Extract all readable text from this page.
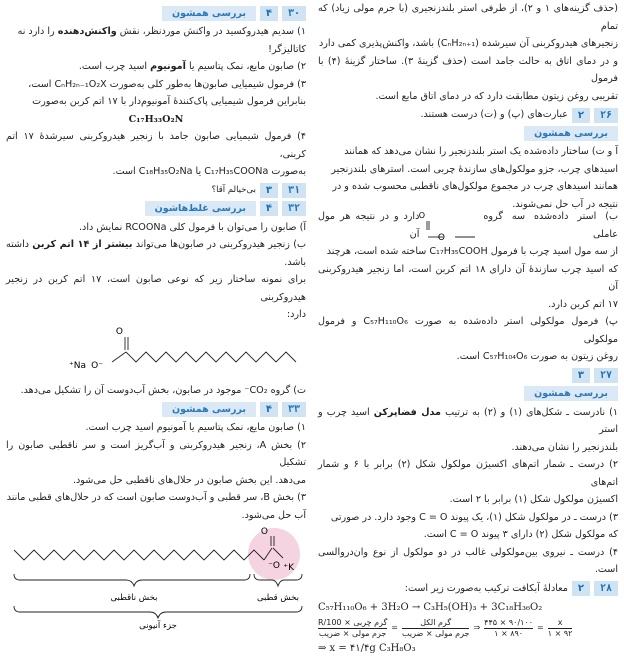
(حذف گزینه‌های ۱ و ۲)، از طرفی استر بلندزنجیری (با جرم مولی زیاد) که تمام

زنجیرهای هیدروکربنی آن سیرشده (CₙH₂ₙ₊₁) باشد، واکنش‌پذیری کمی دارد

و در دمای اتاق به حالت جامد است (حذف گزینهٔ ۳). ساختار گزینهٔ (۴) با فرمول

تقریبی روغن زیتون مطابقت دارد که در دمای اتاق مایع است.

۲۶
۲
عبارت‌های (پ) و (ت) درست هستند.
بررسی همشون

آ و ت) ساختار داده‌شده یک استر بلندزنجیر را نشان می‌دهد که همانند

اسیدهای چرب، جزو مولکول‌های سازندهٔ چربی است. استرهای بلندزنجیر

همانند اسیدهای چرب در مجموع مولکول‌های ناقطبی محسوب شده و در

نتیجه در آب حل نمی‌شوند.

ب) استر داده‌شده سه گروه عاملی
O
O
دارد و در نتیجه هر مول آن

از سه مول اسید چرب با فرمول C₁₇H₃₅COOH ساخته شده است، هرچند

که اسید چرب سازندهٔ آن دارای ۱۸ اتم کربن است، اما زنجیر هیدروکربنی آن

۱۷ اتم کربن دارد.

پ) فرمول مولکولی استر داده‌شده به صورت C₅₇H₁₁₀O₆ و فرمول مولکولی

روغن زیتون به صورت C₅₇H₁₀₄O₆ است.

۲۷
۳
بررسی همشون

۱) نادرست ـ شکل‌های (۱) و (۲) به ترتیب مدل فضاپرکن اسید چرب و استر

بلندزنجیر را نشان می‌دهند.

۲) درست ـ شمار اتم‌های اکسیژن مولکول شکل (۲) برابر با ۶ و شمار اتم‌های

اکسیژن مولکول شکل (۱) برابر با ۲ است.

۳) درست ـ در مولکول شکل (۱)، یک پیوند C = O وجود دارد. در صورتی

که مولکول شکل (۲) دارای ۳ پیوند C = O است.

۴) درست ـ نیروی بین‌مولکولی غالب در دو مولکول از نوع وان‌دروالسی است.

۲۸
۲
معادلهٔ آبکافت ترکیب به‌صورت زیر است:

C₅₇H₁₁₀O₆ + 3H₂O → C₃H₅(OH)₃ + 3C₁₈H₃₆O₂

گرم چربی × R/100
جرم مولی × ضریب
=
گرم الکل
جرم مولی × ضریب
⇒
۴۴۵ × ۹۰/۱۰۰
۱ × ۸۹۰
=
x
۱ × ۹۲

⇒ x = ۴۱/۴g C₃H₈O₃

۳۰
۴
بررسی همشون

۱) سدیم هیدروکسید در واکنش موردنظر، نقش واکنش‌دهنده را دارد نه

کاتالیزگر!

۲) صابون مایع، نمک پتاسیم یا آمونیوم اسید چرب است.

۳) فرمول شیمیایی صابون‌ها به‌طور کلی به‌صورت CₙH₂ₙ₋₁O₂X است،

بنابراین فرمول شیمیایی پاک‌کنندهٔ آمونیوم‌دار با ۱۷ اتم کربن به‌صورت

C₁₇H₃₃O₂N

۴) فرمول شیمیایی صابون جامد با زنجیر هیدروکربنی سیرشدهٔ ۱۷ اتم کربنی،

به‌صورت C₁₇H₃₅COONa یا C₁₈H₃₅O₂Na است.

۳۱
۳
بی‌خیالم آقا؟
۳۲
۴
بررسی غلط‌هاشون

آ) صابون را می‌توان با فرمول کلی RCOONa نمایش داد.

ب) زنجیر هیدروکربنی در صابون‌ها می‌تواند بیشتر از ۱۴ اتم کربن داشته باشد.

برای نمونه ساختار زیر که نوعی صابون است، ۱۷ اتم کربن در زنجیر هیدروکربنی

دارد:

O
Na⁺ ⁻O

ت) گروه CO₂⁻ موجود در صابون، بخش آب‌دوست آن را تشکیل می‌دهد.

۳۳
۴
بررسی همشون

۱) صابون مایع، نمک پتاسیم یا آمونیوم اسید چرب است.

۲) بخش A، زنجیر هیدروکربنی و آب‌گریز است و سر ناقطبی صابون را تشکیل

می‌دهد. این بخش صابون در حلال‌های ناقطبی حل می‌شود.

۳) بخش B، سر قطبی و آب‌دوست صابون است که در حلال‌های قطبی مانند

آب حل می‌شود.

O
O⁻ K⁺
بخش ناقطبی	بخش قطبی
جزء آنیونی
